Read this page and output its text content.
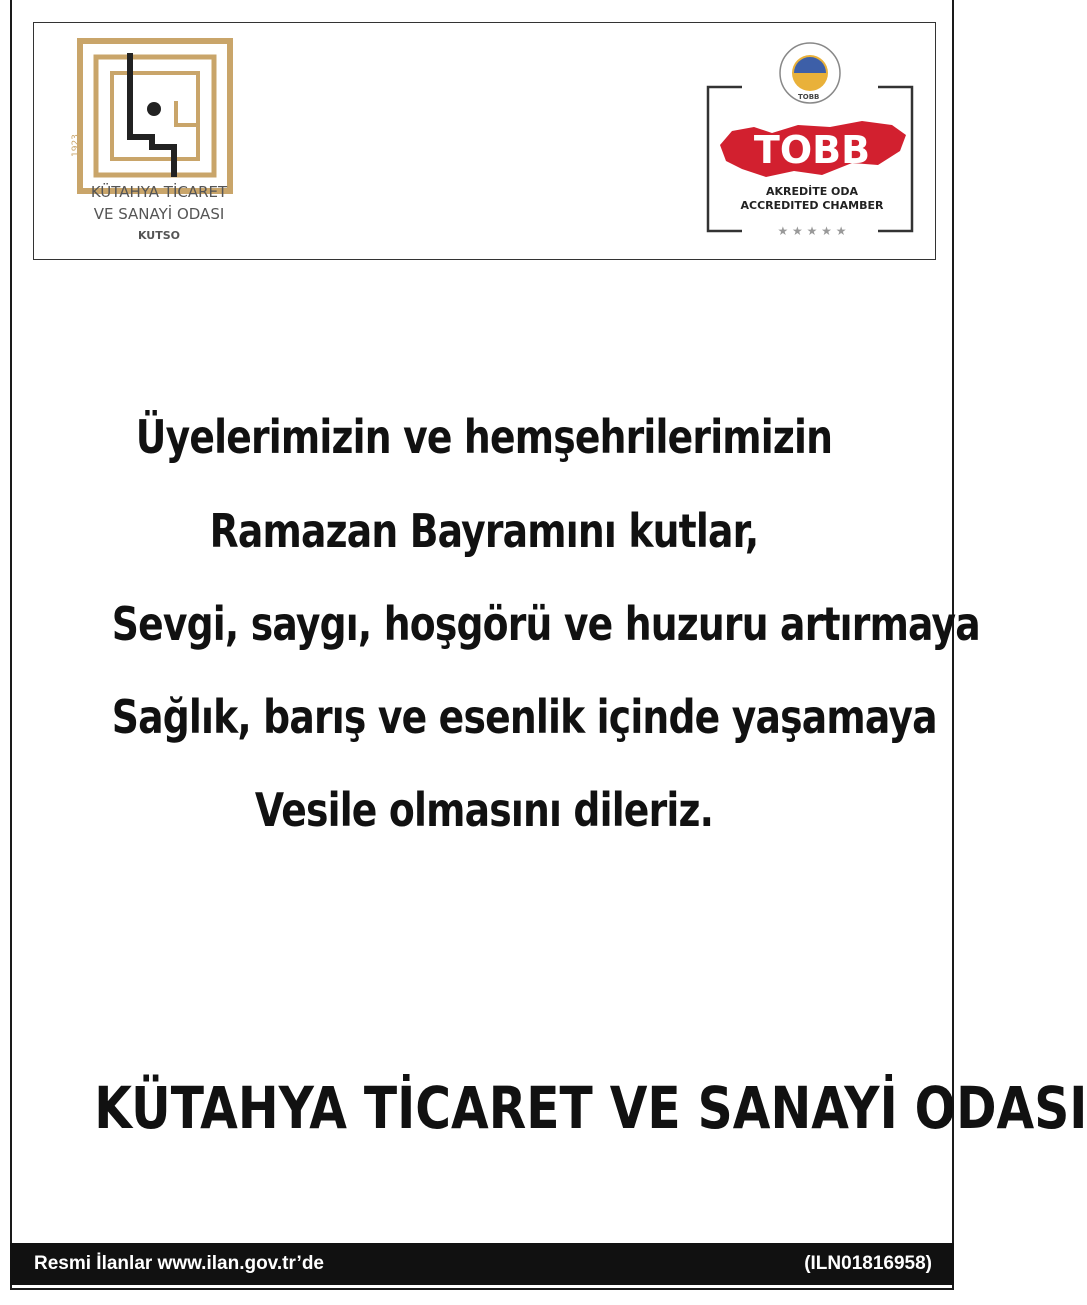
1923
KÜTAHYA TİCARET
VE SANAYİ ODASI
KUTSO
TOBB
TOBB
AKREDİTE ODA
ACCREDITED CHAMBER
★ ★ ★ ★ ★
Üyelerimizin ve hemşehrilerimizin
Ramazan Bayramını kutlar,
Sevgi, saygı, hoşgörü ve huzuru artırmaya
Sağlık, barış ve esenlik içinde yaşamaya
Vesile olmasını dileriz.
KÜTAHYA TİCARET VE SANAYİ ODASI
Resmi İlanlar www.ilan.gov.tr’de	(ILN01816958)
